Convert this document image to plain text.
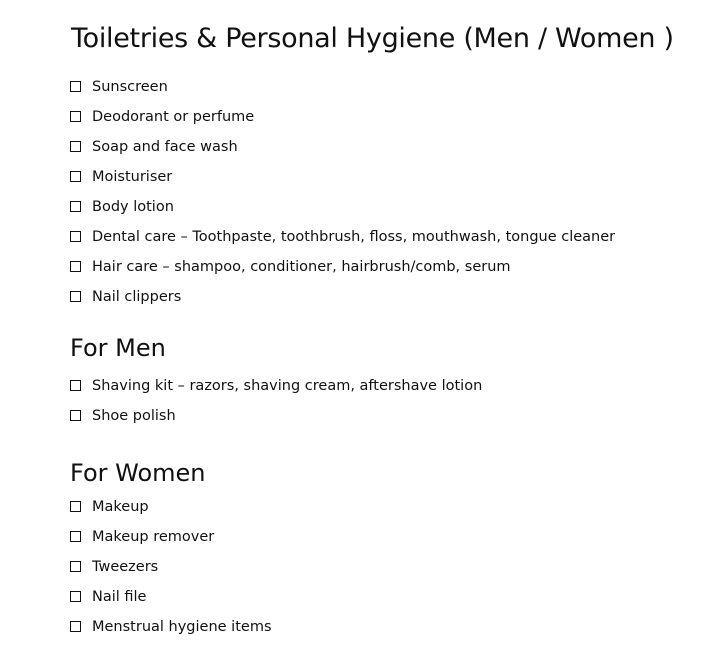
Toiletries & Personal Hygiene (Men / Women )
Sunscreen
Deodorant or perfume
Soap and face wash
Moisturiser
Body lotion
Dental care – Toothpaste, toothbrush, floss, mouthwash, tongue cleaner
Hair care – shampoo, conditioner, hairbrush/comb, serum
Nail clippers
For Men
Shaving kit – razors, shaving cream, aftershave lotion
Shoe polish
For Women
Makeup
Makeup remover
Tweezers
Nail file
Menstrual hygiene items
